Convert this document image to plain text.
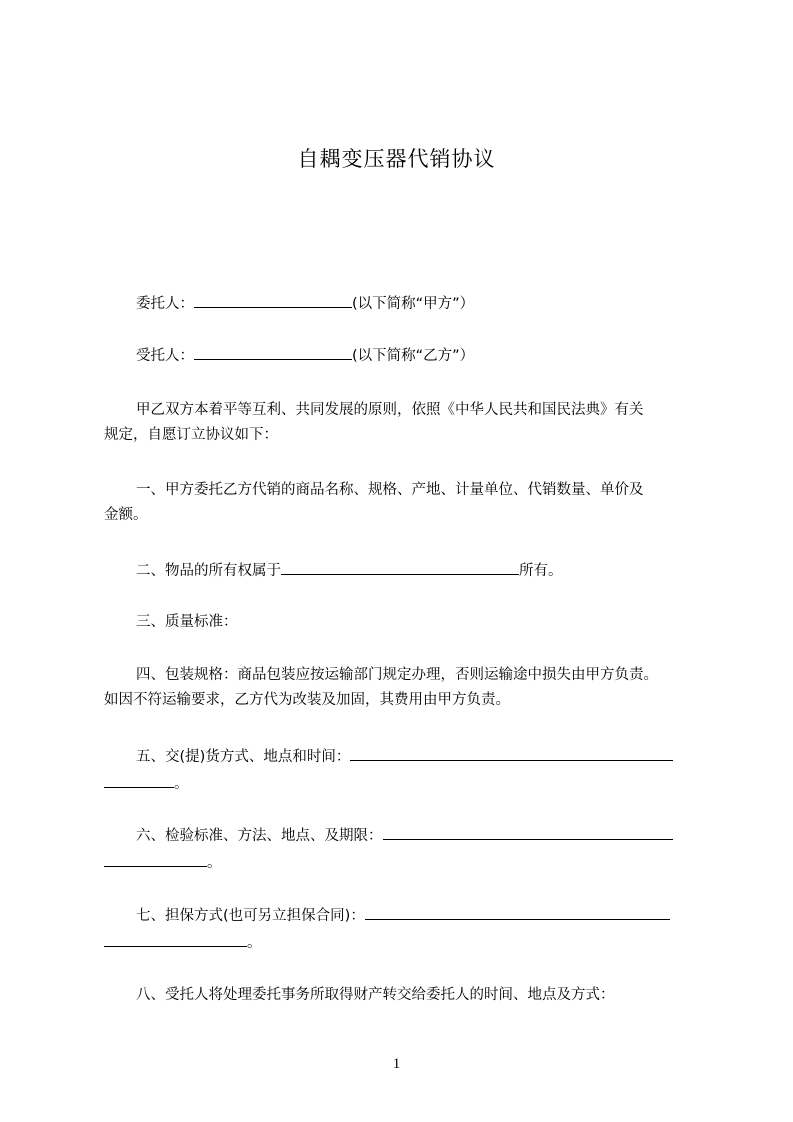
自耦变压器代销协议
委托人：	(以下简称“甲方”）
受托人：	(以下简称“乙方”）
甲乙双方本着平等互利、共同发展的原则，依照《中华人民共和国民法典》有关
规定，自愿订立协议如下：
一、甲方委托乙方代销的商品名称、规格、产地、计量单位、代销数量、单价及
金额。
二、物品的所有权属于	所有。
三、质量标准：
四、包装规格：商品包装应按运输部门规定办理，否则运输途中损失由甲方负责。
如因不符运输要求，乙方代为改装及加固，其费用由甲方负责。
五、交(提)货方式、地点和时间：
。
六、检验标准、方法、地点、及期限：
。
七、担保方式(也可另立担保合同)：
。
八、受托人将处理委托事务所取得财产转交给委托人的时间、地点及方式：
1
